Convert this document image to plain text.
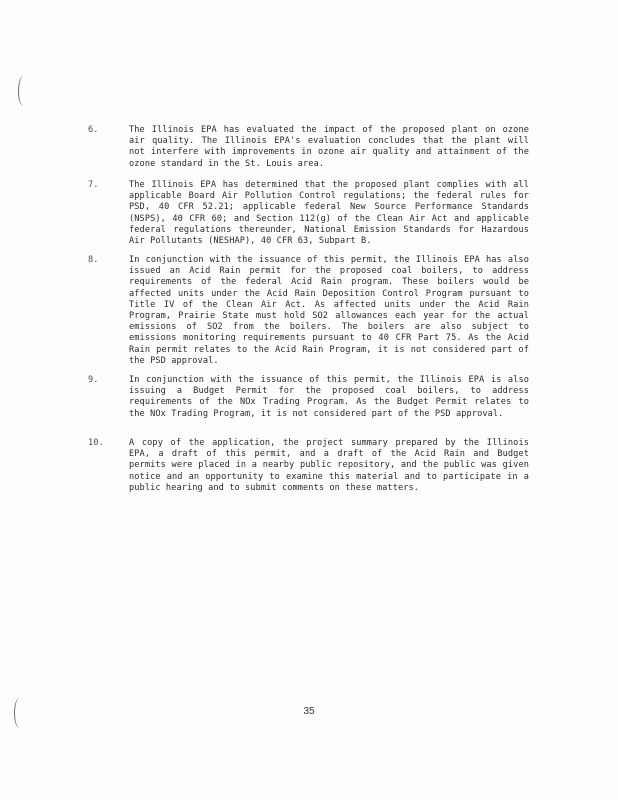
6.	The Illinois EPA has evaluated the impact of the proposed plant on ozone air quality. The Illinois EPA's evaluation concludes that the plant will not interfere with improvements in ozone air quality and attainment of the ozone standard in the St. Louis area.
7.	The Illinois EPA has determined that the proposed plant complies with all applicable Board Air Pollution Control regulations; the federal rules for PSD, 40 CFR 52.21; applicable federal New Source Performance Standards (NSPS), 40 CFR 60; and Section 112(g) of the Clean Air Act and applicable federal regulations thereunder, National Emission Standards for Hazardous Air Pollutants (NESHAP), 40 CFR 63, Subpart B.
8.	In conjunction with the issuance of this permit, the Illinois EPA has also issued an Acid Rain permit for the proposed coal boilers, to address requirements of the federal Acid Rain program. These boilers would be affected units under the Acid Rain Deposition Control Program pursuant to Title IV of the Clean Air Act. As affected units under the Acid Rain Program, Prairie State must hold SO2 allowances each year for the actual emissions of SO2 from the boilers. The boilers are also subject to emissions monitoring requirements pursuant to 40 CFR Part 75. As the Acid Rain permit relates to the Acid Rain Program, it is not considered part of the PSD approval.
9.	In conjunction with the issuance of this permit, the Illinois EPA is also issuing a Budget Permit for the proposed coal boilers, to address requirements of the NOx Trading Program. As the Budget Permit relates to the NOx Trading Program, it is not considered part of the PSD approval.
10.	A copy of the application, the project summary prepared by the Illinois EPA, a draft of this permit, and a draft of the Acid Rain and Budget permits were placed in a nearby public repository, and the public was given notice and an opportunity to examine this material and to participate in a public hearing and to submit comments on these matters.
35
